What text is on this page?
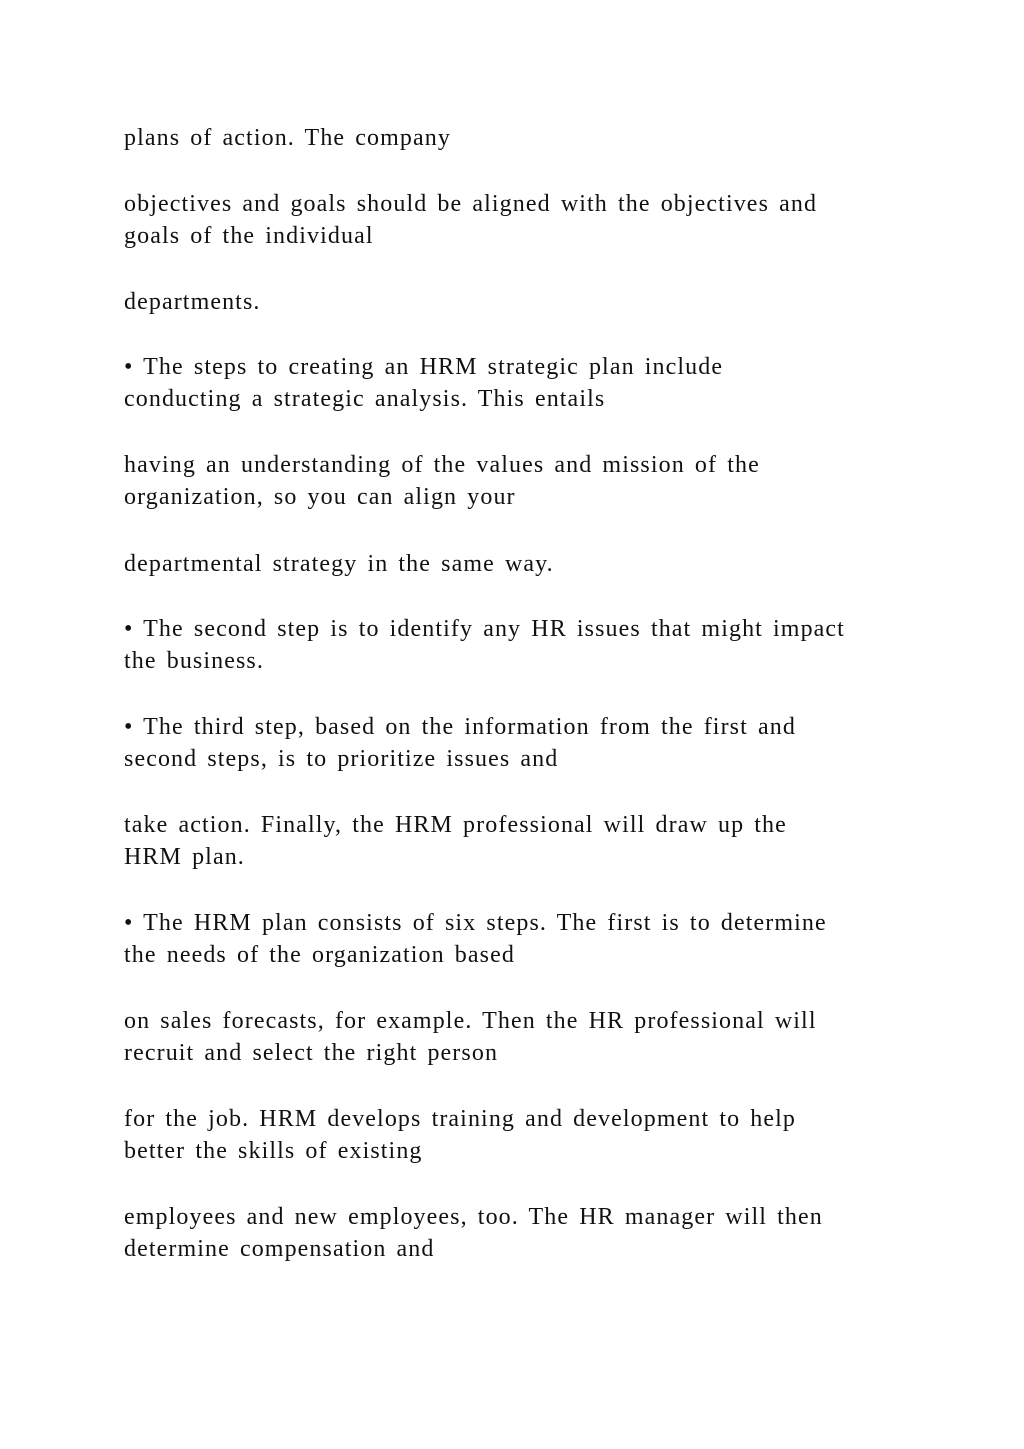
plans of action. The company

objectives and goals should be aligned with the objectives and
goals of the individual

departments.

• The steps to creating an HRM strategic plan include
conducting a strategic analysis. This entails

having an understanding of the values and mission of the
organization, so you can align your

departmental strategy in the same way.

• The second step is to identify any HR issues that might impact
the business.

• The third step, based on the information from the first and
second steps, is to prioritize issues and

take action. Finally, the HRM professional will draw up the
HRM plan.

• The HRM plan consists of six steps. The first is to determine
the needs of the organization based

on sales forecasts, for example. Then the HR professional will
recruit and select the right person

for the job. HRM develops training and development to help
better the skills of existing

employees and new employees, too. The HR manager will then
determine compensation and
